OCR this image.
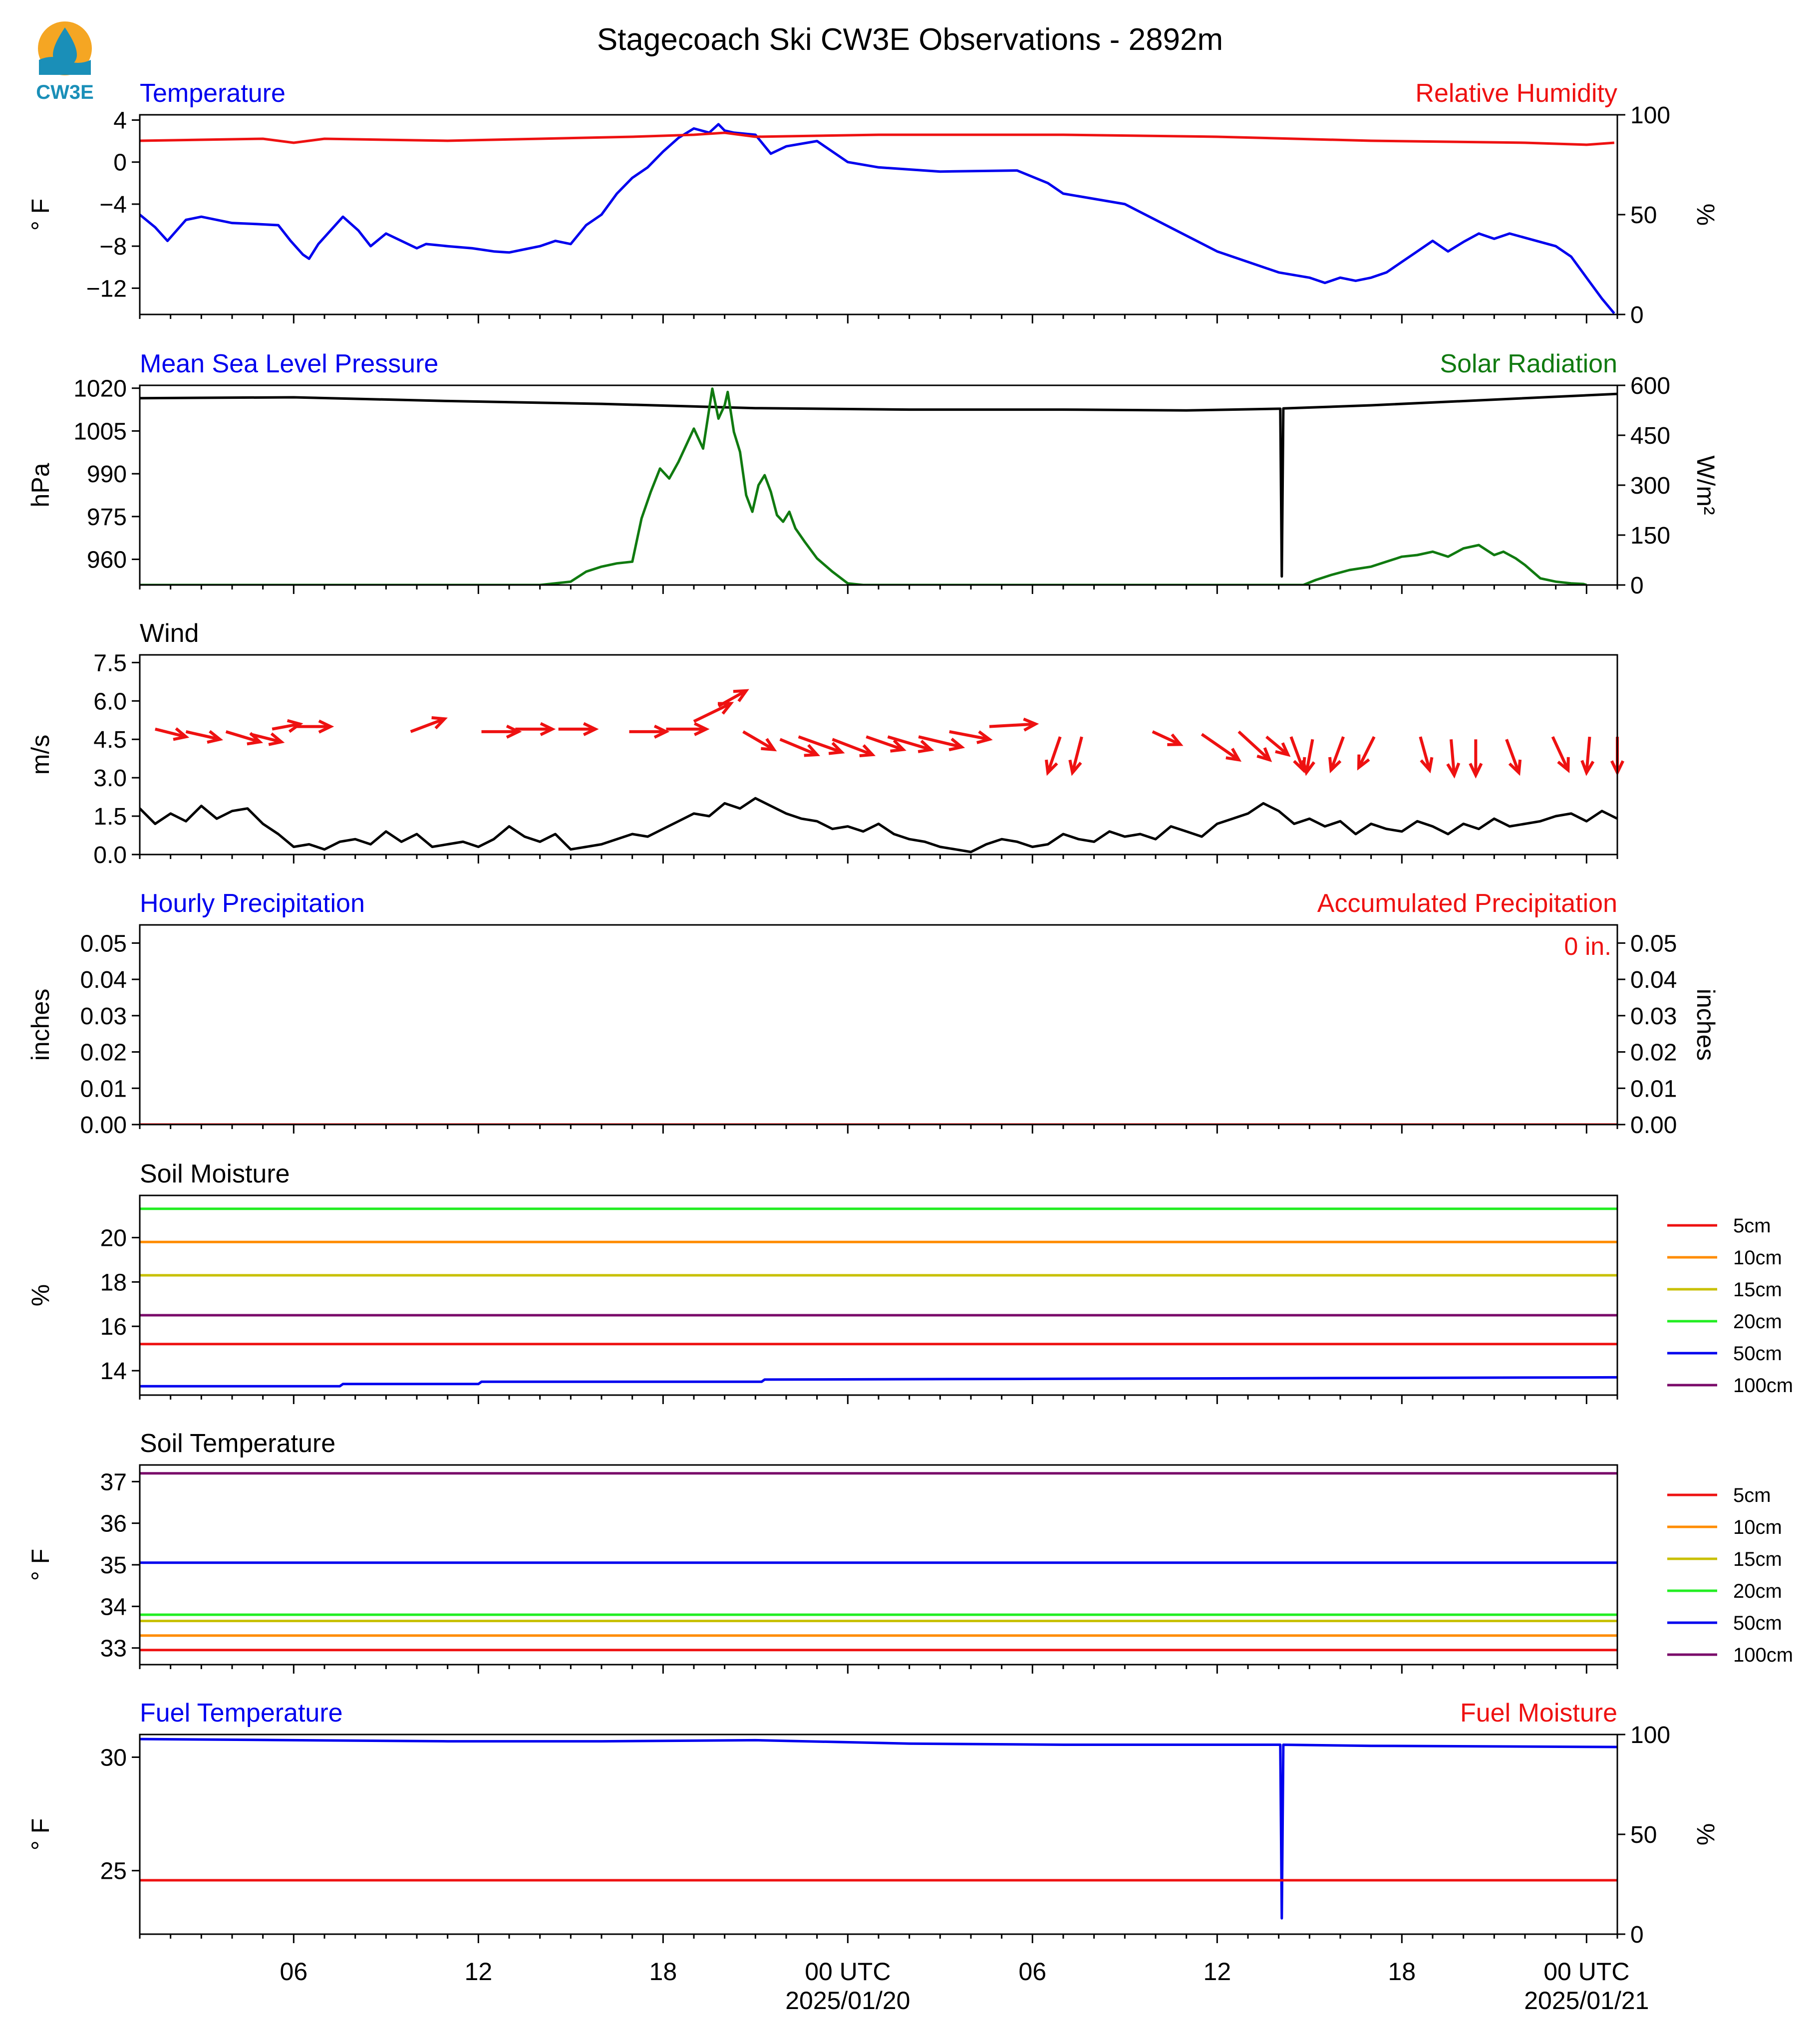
CW3E
Stagecoach Ski CW3E Observations - 2892m
Temperature	Relative Humidity
4
0
−4
−8
−12
100
50
0
° F	%
Mean Sea Level Pressure	Solar Radiation
1020
1005
990
975
960
600
450
300
150
0
hPa	W/m²
Wind
7.5
6.0
4.5
3.0
1.5
0.0
m/s
Hourly Precipitation	Accumulated Precipitation
0.05
0.04
0.03
0.02
0.01
0.00
0.05
0.04
0.03
0.02
0.01
0.00
inches	inches
0 in.
Soil Moisture
20
18
16
14
%
5cm
10cm
15cm
20cm
50cm
100cm
Soil Temperature
37
36
35
34
33
° F
5cm
10cm
15cm
20cm
50cm
100cm
Fuel Temperature	Fuel Moisture
30
25
100
50
0
° F	%
06	12	18	00 UTC	06	12	18	00 UTC
2025/01/20	2025/01/21
